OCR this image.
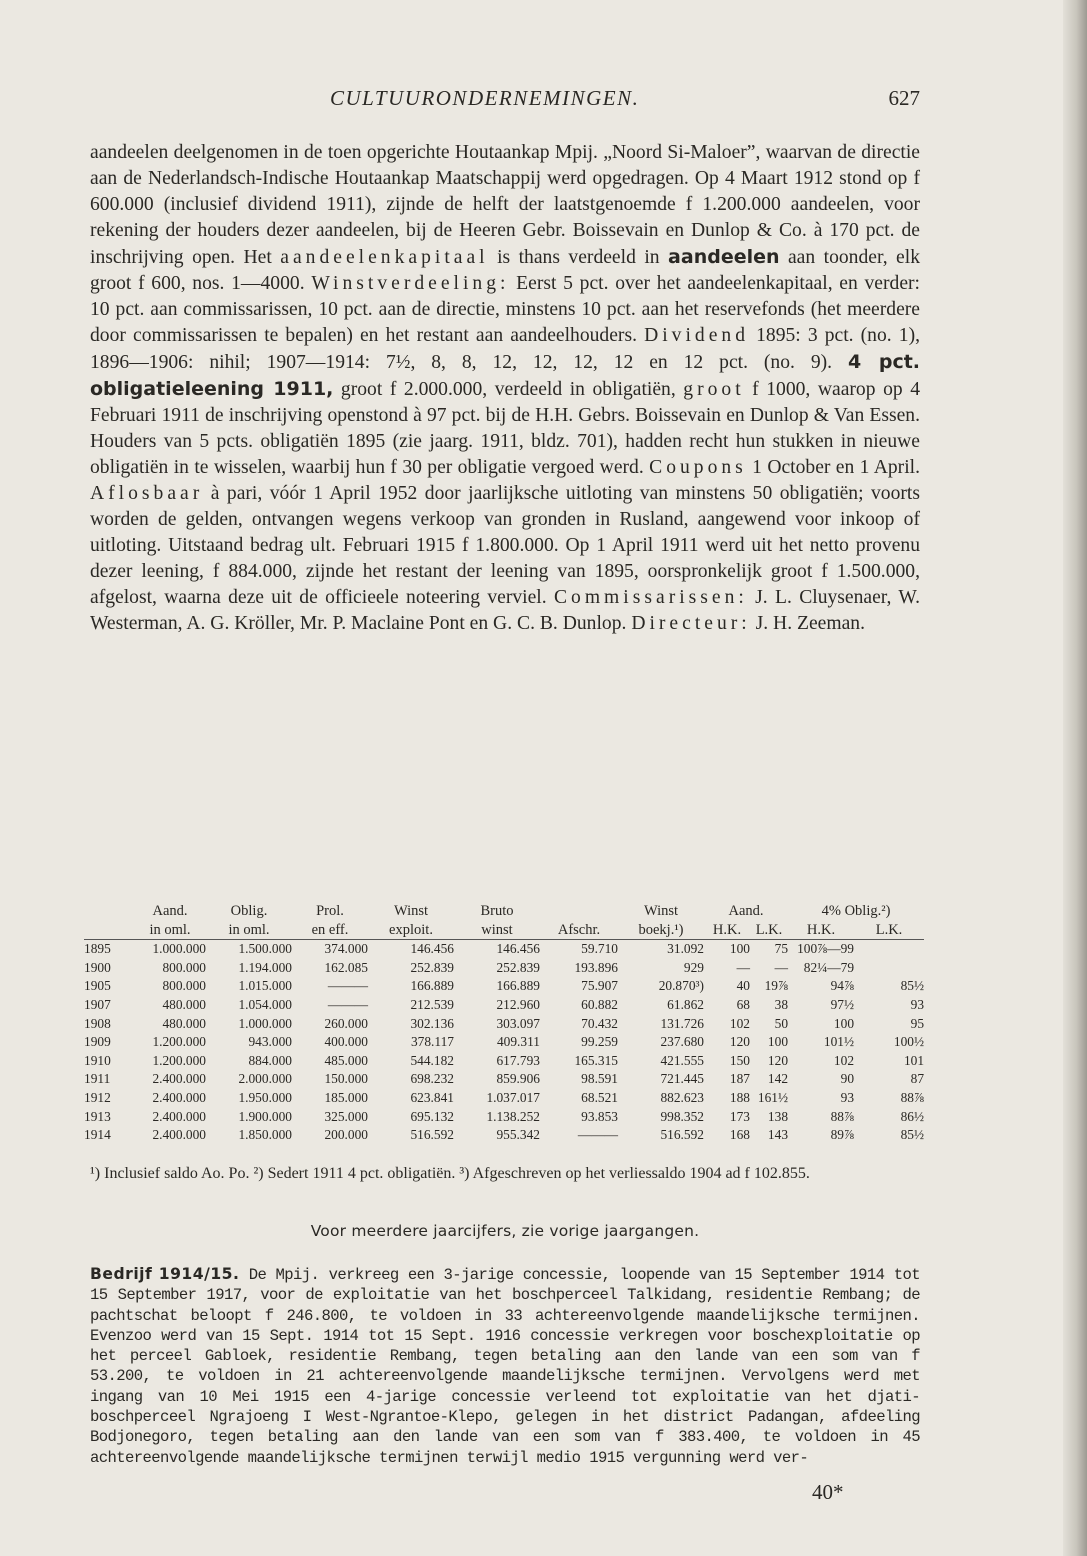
CULTUURONDERNEMINGEN.	627

aandeelen deelgenomen in de toen opgerichte Houtaankap Mpij. „Noord Si-Maloer”, waarvan de directie aan de Nederlandsch-Indische Houtaankap Maatschappij werd opgedragen. Op 4 Maart 1912 stond op f 600.000 (inclusief dividend 1911), zijnde de helft der laatstgenoemde f 1.200.000 aandeelen, voor rekening der houders dezer aandeelen, bij de Heeren Gebr. Boissevain en Dunlop & Co. à 170 pct. de inschrijving open. Het aandeelenkapitaal is thans verdeeld in aandeelen aan toonder, elk groot f 600, nos. 1—4000. Winstverdeeling: Eerst 5 pct. over het aandeelenkapitaal, en verder: 10 pct. aan commissarissen, 10 pct. aan de directie, minstens 10 pct. aan het reservefonds (het meerdere door commissarissen te bepalen) en het restant aan aandeelhouders. Dividend 1895: 3 pct. (no. 1), 1896—1906: nihil; 1907—1914: 7½, 8, 8, 12, 12, 12, 12 en 12 pct. (no. 9). 4 pct. obligatieleening 1911, groot f 2.000.000, verdeeld in obligatiën, groot f 1000, waarop op 4 Februari 1911 de inschrijving openstond à 97 pct. bij de H.H. Gebrs. Boissevain en Dunlop & Van Essen. Houders van 5 pcts. obligatiën 1895 (zie jaarg. 1911, bldz. 701), hadden recht hun stukken in nieuwe obligatiën in te wisselen, waarbij hun f 30 per obligatie vergoed werd. Coupons 1 October en 1 April. Aflosbaar à pari, vóór 1 April 1952 door jaarlijksche uitloting van minstens 50 obligatiën; voorts worden de gelden, ontvangen wegens verkoop van gronden in Rusland, aangewend voor inkoop of uitloting. Uitstaand bedrag ult. Februari 1915 f 1.800.000. Op 1 April 1911 werd uit het netto provenu dezer leening, f 884.000, zijnde het restant der leening van 1895, oorspronkelijk groot f 1.500.000, afgelost, waarna deze uit de officieele noteering verviel. Commissarissen: J. L. Cluysenaer, W. Westerman, A. G. Kröller, Mr. P. Maclaine Pont en G. C. B. Dunlop. Directeur: J. H. Zeeman.

	Aand.	Oblig.	Prol.	Winst	Bruto		Winst	Aand.		4% Oblig.²)	
	in oml.	in oml.	en eff.	exploit.	winst	Afschr.	boekj.¹)	H.K.	L.K.	H.K.	L.K.
1895	1.000.000	1.500.000	374.000	146.456	146.456	59.710	31.092	100	75	100⅞—99	
1900	800.000	1.194.000	162.085	252.839	252.839	193.896	929	—	—	82¼—79	
1905	800.000	1.015.000	———	166.889	166.889	75.907	20.870³)	40	19⅞	94⅞	85½
1907	480.000	1.054.000	———	212.539	212.960	60.882	61.862	68	38	97½	93
1908	480.000	1.000.000	260.000	302.136	303.097	70.432	131.726	102	50	100	95
1909	1.200.000	943.000	400.000	378.117	409.311	99.259	237.680	120	100	101½	100½
1910	1.200.000	884.000	485.000	544.182	617.793	165.315	421.555	150	120	102	101
1911	2.400.000	2.000.000	150.000	698.232	859.906	98.591	721.445	187	142	90	87
1912	2.400.000	1.950.000	185.000	623.841	1.037.017	68.521	882.623	188	161½	93	88⅞
1913	2.400.000	1.900.000	325.000	695.132	1.138.252	93.853	998.352	173	138	88⅞	86½
1914	2.400.000	1.850.000	200.000	516.592	955.342	———	516.592	168	143	89⅞	85½

¹) Inclusief saldo Ao. Po. ²) Sedert 1911 4 pct. obligatiën. ³) Afgeschreven op het verliessaldo 1904 ad f 102.855.

Voor meerdere jaarcijfers, zie vorige jaargangen.

Bedrijf 1914/15. De Mpij. verkreeg een 3-jarige concessie, loopende van 15 September 1914 tot 15 September 1917, voor de exploitatie van het boschperceel Talkidang, residentie Rembang; de pachtschat beloopt f 246.800, te voldoen in 33 achtereenvolgende maandelijksche termijnen. Evenzoo werd van 15 Sept. 1914 tot 15 Sept. 1916 concessie verkregen voor boschexploitatie op het perceel Gabloek, residentie Rembang, tegen betaling aan den lande van een som van f 53.200, te voldoen in 21 achtereenvolgende maandelijksche termijnen. Vervolgens werd met ingang van 10 Mei 1915 een 4-jarige concessie verleend tot exploitatie van het djati-boschperceel Ngrajoeng I West-Ngrantoe-Klepo, gelegen in het district Padangan, afdeeling Bodjonegoro, tegen betaling aan den lande van een som van f 383.400, te voldoen in 45 achtereenvolgende maandelijksche termijnen terwijl medio 1915 vergunning werd ver-

40*
